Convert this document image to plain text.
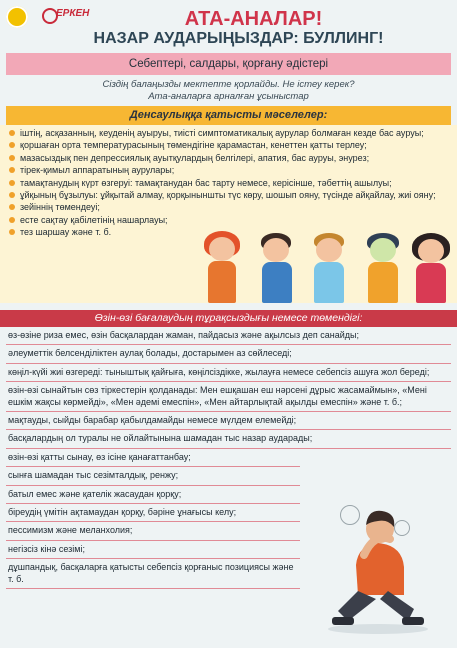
ЕРКЕН	АТА-АНАЛАР!
НАЗАР АУДАРЫҢЫЗДАР: БУЛЛИНГ!
Себептері, салдары, қорғану әдістері
Сіздің балаңызды мектепте қорлайды. Не істеу керек?
Ата-аналарға арналған ұсыныстар
Денсаулыққа қатысты мәселелер:
іштің, асқазанның, кеуденің ауыруы, тиісті симптоматикалық аурулар болмаған кезде бас ауруы;
қоршаған орта температурасының төмендігіне қарамастан, кенеттен қатты терлеу;
мазасыздық пен депрессиялық ауытқулардың белгілері, апатия, бас ауруы, энурез;
тірек-қимыл аппаратының аурулары;
тамақтанудың күрт өзгеруі: тамақтанудан бас тарту немесе, керісінше, тәбеттің ашылуы;
ұйқының бұзылуы: ұйқытай алмау, қорқыныншты түс көру, шошып ояну, түсінде айқайлау, жиі ояну;
зейіннің төмендеуі;
есте сақтау қабілетінің нашарлауы;
тез шаршау және т. б.
Өзін-өзі бағалаудың тұрақсыздығы немесе төмендігі:
өз-өзіне риза емес, өзін басқалардан жаман, пайдасыз және ақылсыз деп санайды;
әлеуметтік белсенділіктен аулақ болады, достарымен аз сөйлеседі;
көңіл-күйі жиі өзгереді: тыныштық қайғыға, көңілсіздікке, жылауға немесе себепсіз ашуға жол береді;
өзін-өзі сынайтын сөз тіркестерін қолданады: Мен ешқашан еш нәрсені дұрыс жасамаймын», «Менi ешкiм жақсы көрмейдi», «Мен әдемі емеспін», «Мен айтарлықтай ақылды емеспін» және т. б.;
мақтауды, сыйды барабар қабылдамайды немесе мүлдем елемейді;
басқалардың ол туралы не ойлайтынына шамадан тыс назар аударады;
өзін-өзі қатты сынау, өз ісіне қанағаттанбау;
сынға шамадан тыс сезімталдық, ренжу;
батыл емес және қателік жасаудан қорқу;
біреудің үмітін ақтамаудан қорқу, бәріне ұнағысы келу;
пессимизм және меланхолия;
негізсіз кінә сезімі;
дұшпандық, басқаларға қатысты себепсіз қорғаныс позициясы және т. б.
